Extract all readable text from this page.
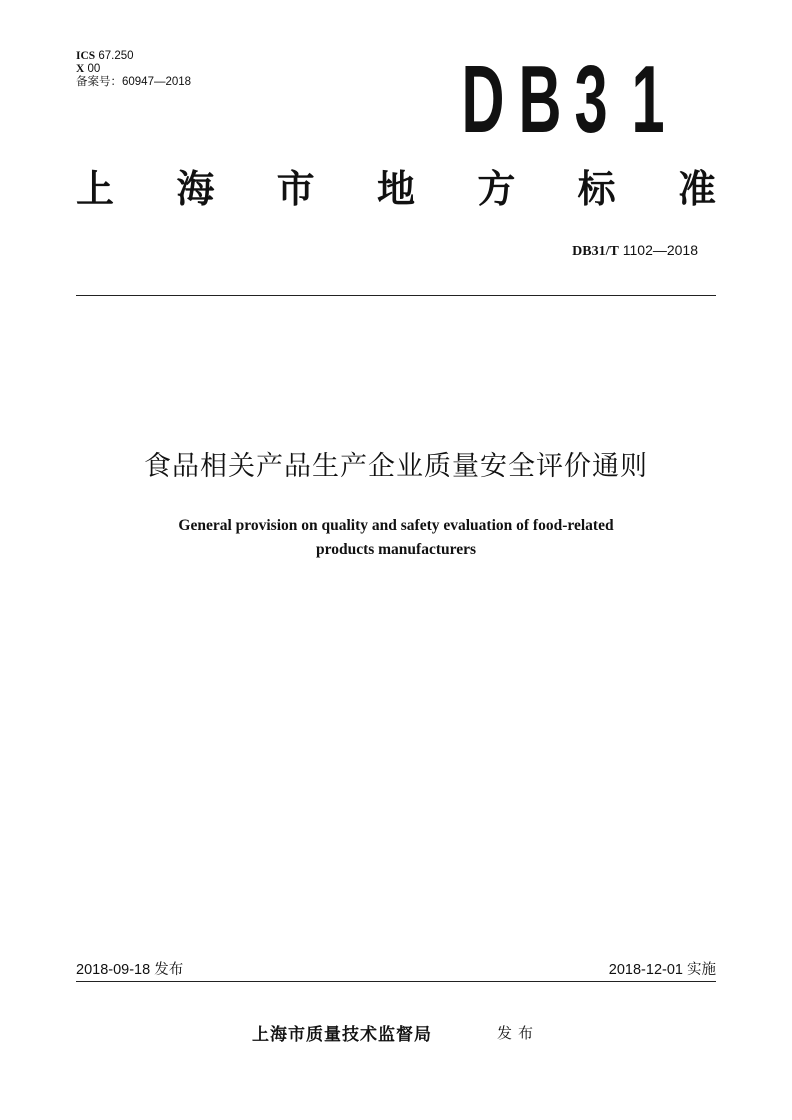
ICS 67.250
X 00
备案号：60947—2018	D B 3 1
上 海 市 地 方 标 准
DB31/T 1102—2018
食品相关产品生产企业质量安全评价通则
General provision on quality and safety evaluation of food-related
products manufacturers
2018-09-18 发布	2018-12-01 实施
上海市质量技术监督局	发布
